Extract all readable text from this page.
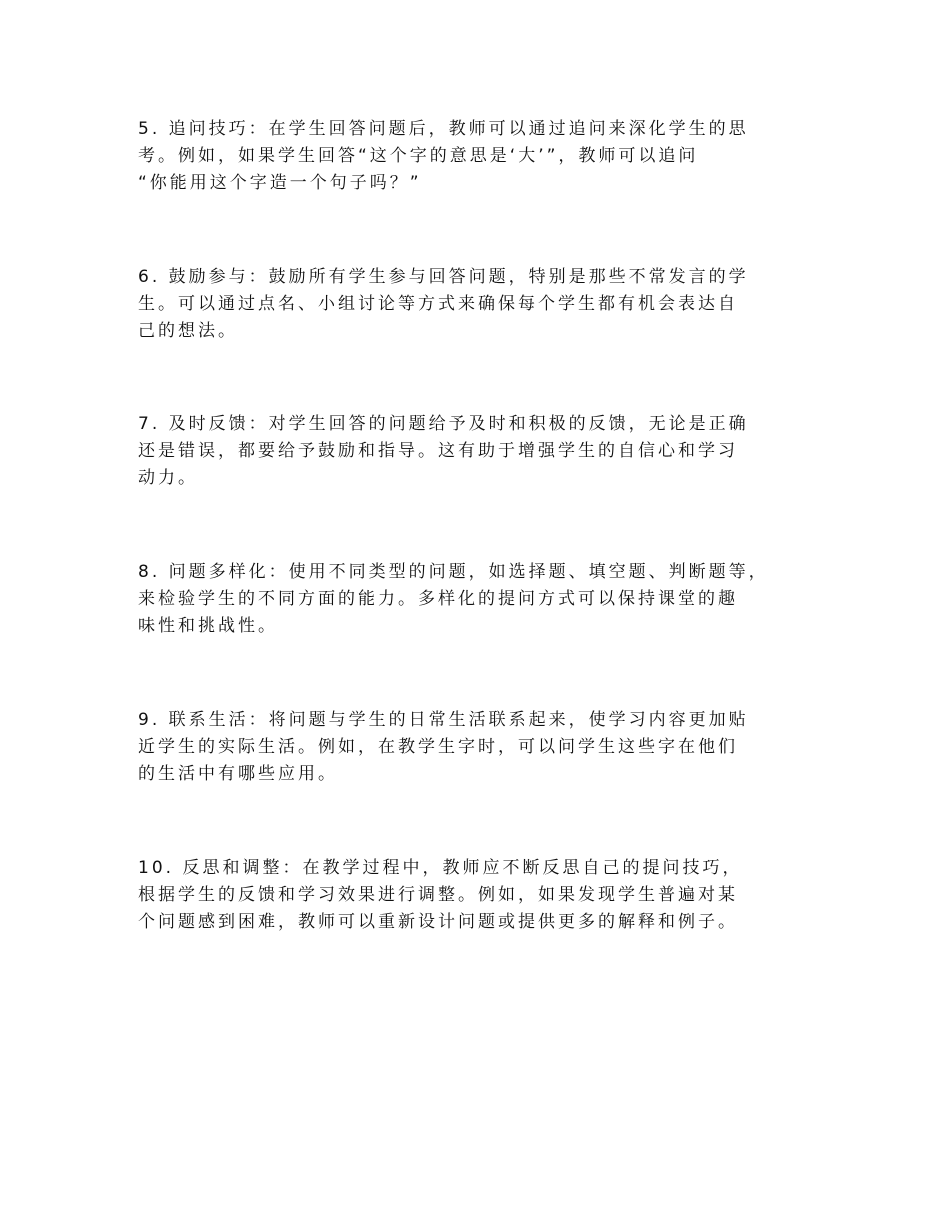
5. 追问技巧：在学生回答问题后，教师可以通过追问来深化学生的思
考。例如，如果学生回答“这个字的意思是‘大’”，教师可以追问
“你能用这个字造一个句子吗？”
6. 鼓励参与：鼓励所有学生参与回答问题，特别是那些不常发言的学
生。可以通过点名、小组讨论等方式来确保每个学生都有机会表达自
己的想法。
7. 及时反馈：对学生回答的问题给予及时和积极的反馈，无论是正确
还是错误，都要给予鼓励和指导。这有助于增强学生的自信心和学习
动力。
8. 问题多样化：使用不同类型的问题，如选择题、填空题、判断题等，
来检验学生的不同方面的能力。多样化的提问方式可以保持课堂的趣
味性和挑战性。
9. 联系生活：将问题与学生的日常生活联系起来，使学习内容更加贴
近学生的实际生活。例如，在教学生字时，可以问学生这些字在他们
的生活中有哪些应用。
10. 反思和调整：在教学过程中，教师应不断反思自己的提问技巧，
根据学生的反馈和学习效果进行调整。例如，如果发现学生普遍对某
个问题感到困难，教师可以重新设计问题或提供更多的解释和例子。
